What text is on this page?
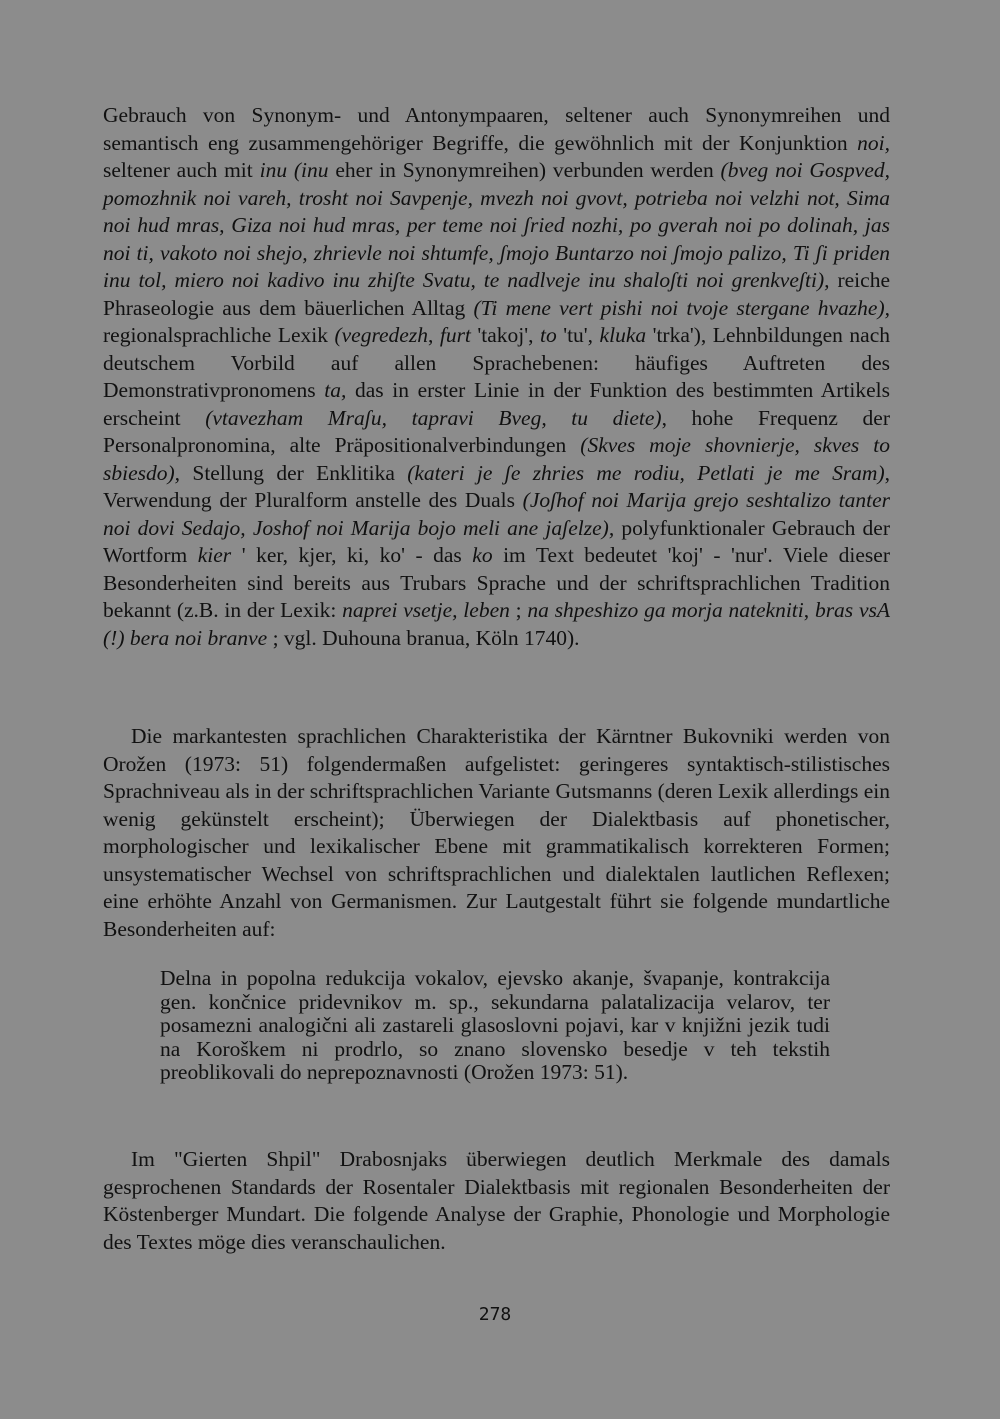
Gebrauch von Synonym- und Antonympaaren, seltener auch Synonymreihen und semantisch eng zusammengehöriger Begriffe, die gewöhnlich mit der Konjunktion noi, seltener auch mit inu (inu eher in Synonymreihen) verbunden werden (bveg noi Gospved, pomozhnik noi vareh, trosht noi Savpenje, mvezh noi gvovt, potrieba noi velzhi not, Sima noi hud mras, Giza noi hud mras, per teme noi ʃried nozhi, po gverah noi po dolinah, jas noi ti, vakoto noi shejo, zhrievle noi shtumfe, ʃmojo Buntarzo noi ʃmojo palizo, Ti ʃi priden inu tol, miero noi kadivo inu zhiʃte Svatu, te nadlveje inu shaloʃti noi grenkveʃti), reiche Phraseologie aus dem bäuerlichen Alltag (Ti mene vert pishi noi tvoje stergane hvazhe), regionalsprachliche Lexik (vegredezh, furt 'takoj', to 'tu', kluka 'trka'), Lehnbildungen nach deutschem Vorbild auf allen Sprachebenen: häufiges Auftreten des Demonstrativpronomens ta, das in erster Linie in der Funktion des bestimmten Artikels erscheint (vtavezham Mraʃu, tapravi Bveg, tu diete), hohe Frequenz der Personalpronomina, alte Präpositionalverbindungen (Skves moje shovnierje, skves to sbiesdo), Stellung der Enklitika (kateri je ʃe zhries me rodiu, Petlati je me Sram), Verwendung der Pluralform anstelle des Duals (Joʃhof noi Marija grejo seshtalizo tanter noi dovi Sedajo, Joshof noi Marija bojo meli ane jaʃelze), polyfunktionaler Gebrauch der Wortform kier ' ker, kjer, ki, ko' - das ko im Text bedeutet 'koj' - 'nur'. Viele dieser Besonderheiten sind bereits aus Trubars Sprache und der schriftsprachlichen Tradition bekannt (z.B. in der Lexik: naprei vsetje, leben ; na shpeshizo ga morja natekniti, bras vsA (!) bera noi branve ; vgl. Duhouna branua, Köln 1740).
Die markantesten sprachlichen Charakteristika der Kärntner Bukovniki werden von Orožen (1973: 51) folgendermaßen aufgelistet: geringeres syntaktisch-stilistisches Sprachniveau als in der schriftsprachlichen Variante Gutsmanns (deren Lexik allerdings ein wenig gekünstelt erscheint); Überwiegen der Dialektbasis auf phonetischer, morphologischer und lexikalischer Ebene mit grammatikalisch korrekteren Formen; unsystematischer Wechsel von schriftsprachlichen und dialektalen lautlichen Reflexen; eine erhöhte Anzahl von Germanismen. Zur Lautgestalt führt sie folgende mundartliche Besonderheiten auf:
Delna in popolna redukcija vokalov, ejevsko akanje, švapanje, kontrakcija gen. končnice pridevnikov m. sp., sekundarna palatalizacija velarov, ter posamezni analogični ali zastareli glasoslovni pojavi, kar v knjižni jezik tudi na Koroškem ni prodrlo, so znano slovensko besedje v teh tekstih preoblikovali do neprepoznavnosti (Orožen 1973: 51).
Im "Gierten Shpil" Drabosnjaks überwiegen deutlich Merkmale des damals gesprochenen Standards der Rosentaler Dialektbasis mit regionalen Besonderheiten der Köstenberger Mundart. Die folgende Analyse der Graphie, Phonologie und Morphologie des Textes möge dies veranschaulichen.
278
